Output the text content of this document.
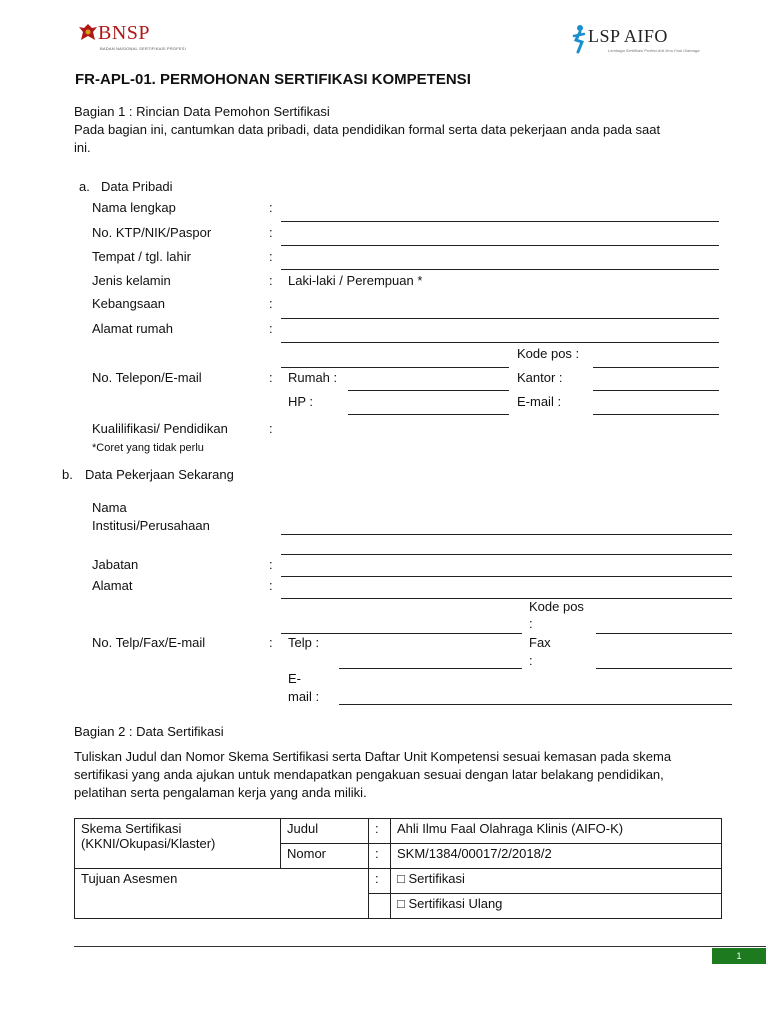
BNSP
BADAN NASIONAL SERTIFIKASI PROFESI
LSP AIFO
Lembaga Sertifikasi Profesi Ahli Ilmu Faal Olahraga
FR-APL-01. PERMOHONAN SERTIFIKASI KOMPETENSI
Bagian 1 : Rincian Data Pemohon Sertifikasi
Pada bagian ini, cantumkan data pribadi, data pendidikan formal serta data pekerjaan anda pada saat
ini.
a. Data Pribadi
Nama lengkap	:
No. KTP/NIK/Paspor	:
Tempat / tgl. lahir	:
Jenis kelamin	: Laki-laki / Perempuan *
Kebangsaan	:
Alamat rumah	:
Kode pos :
No. Telepon/E-mail	: Rumah :	Kantor :
HP :	E-mail :
Kualilifikasi/ Pendidikan	:
*Coret yang tidak perlu
b. Data Pekerjaan Sekarang
Nama
Institusi/Perusahaan
Jabatan	:
Alamat	:
Kode pos
:
No. Telp/Fax/E-mail	: Telp :	Fax
:
E-
mail :
Bagian 2 : Data Sertifikasi
Tuliskan Judul dan Nomor Skema Sertifikasi serta Daftar Unit Kompetensi sesuai kemasan pada skema
sertifikasi yang anda ajukan untuk mendapatkan pengakuan sesuai dengan latar belakang pendidikan,
pelatihan serta pengalaman kerja yang anda miliki.
Skema Sertifikasi
(KKNI/Okupasi/Klaster)	Judul	:	Ahli Ilmu Faal Olahraga Klinis (AIFO-K)
	Nomor	:	SKM/1384/00017/2/2018/2
Tujuan Asesmen		:	□ Sertifikasi
			□ Sertifikasi Ulang
1
